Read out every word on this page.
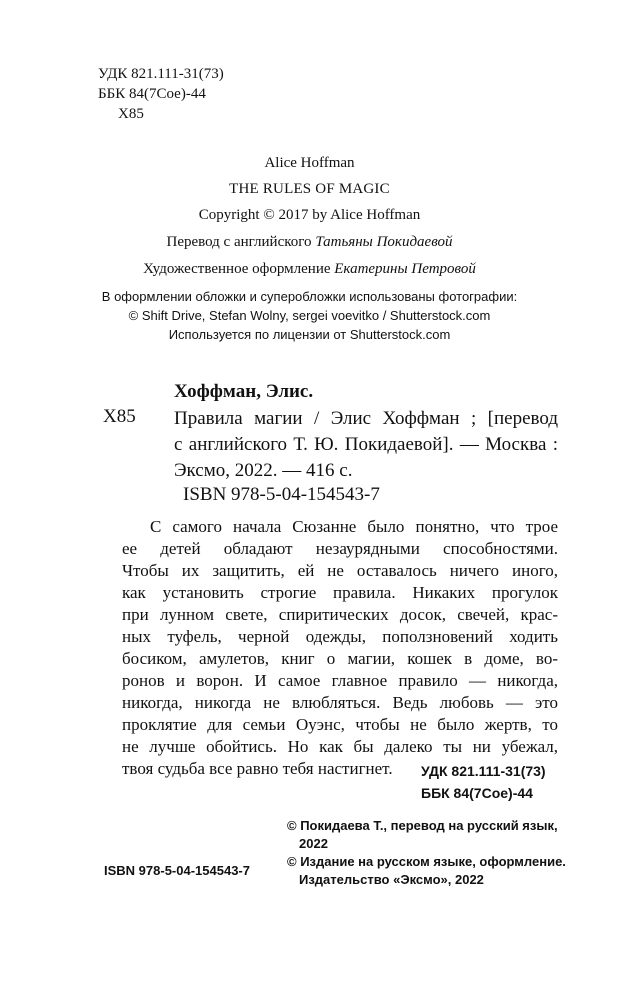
УДК 821.111-31(73)
ББК 84(7Сое)-44
Х85
Alice Hoffman
THE RULES OF MAGIC
Copyright © 2017 by Alice Hoffman
Перевод с английского Татьяны Покидаевой
Художественное оформление Екатерины Петровой
В оформлении обложки и суперобложки использованы фотографии:
© Shift Drive, Stefan Wolny, sergei voevitko / Shutterstock.com
Используется по лицензии от Shutterstock.com
Хоффман, Элис.
Х85 Правила магии / Элис Хоффман ; [перевод
с английского Т. Ю. Покидаевой]. — Москва :
Эксмо, 2022. — 416 с.
ISBN 978-5-04-154543-7
С самого начала Сюзанне было понятно, что трое
ее детей обладают незаурядными способностями.
Чтобы их защитить, ей не оставалось ничего иного,
как установить строгие правила. Никаких прогулок
при лунном свете, спиритических досок, свечей, крас-
ных туфель, черной одежды, поползновений ходить
босиком, амулетов, книг о магии, кошек в доме, во-
ронов и ворон. И самое главное правило — никогда,
никогда, никогда не влюбляться. Ведь любовь — это
проклятие для семьи Оуэнс, чтобы не было жертв, то
не лучше обойтись. Но как бы далеко ты ни убежал,
твоя судьба все равно тебя настигнет.	УДК 821.111-31(73)
ББК 84(7Сое)-44
© Покидаева Т., перевод на русский язык,
2022
© Издание на русском языке, оформление.
Издательство «Эксмо», 2022
ISBN 978-5-04-154543-7
